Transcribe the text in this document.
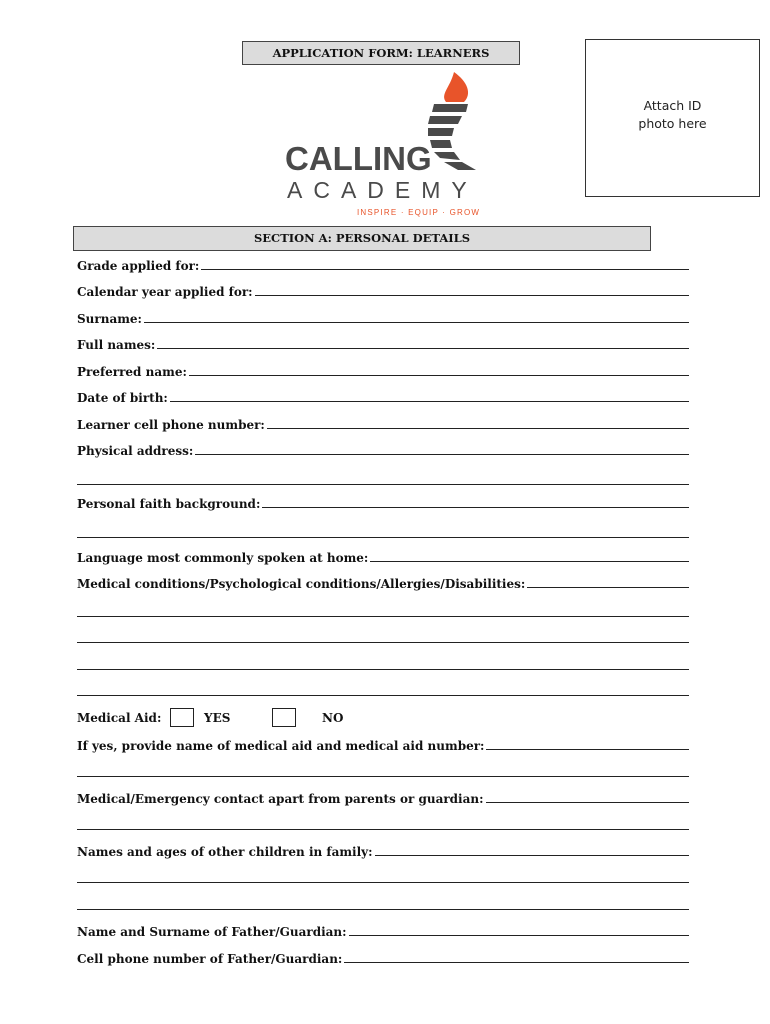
APPLICATION FORM: LEARNERS
Attach ID
photo here
CALLING
ACADEMY
INSPIRE · EQUIP · GROW
SECTION A: PERSONAL DETAILS
Grade applied for:
Calendar year applied for:
Surname:
Full names:
Preferred name:
Date of birth:
Learner cell phone number:
Physical address:
Personal faith background:
Language most commonly spoken at home:
Medical conditions/Psychological conditions/Allergies/Disabilities:
Medical Aid:	YES	NO
If yes, provide name of medical aid and medical aid number:
Medical/Emergency contact apart from parents or guardian:
Names and ages of other children in family:
Name and Surname of Father/Guardian:
Cell phone number of Father/Guardian:
